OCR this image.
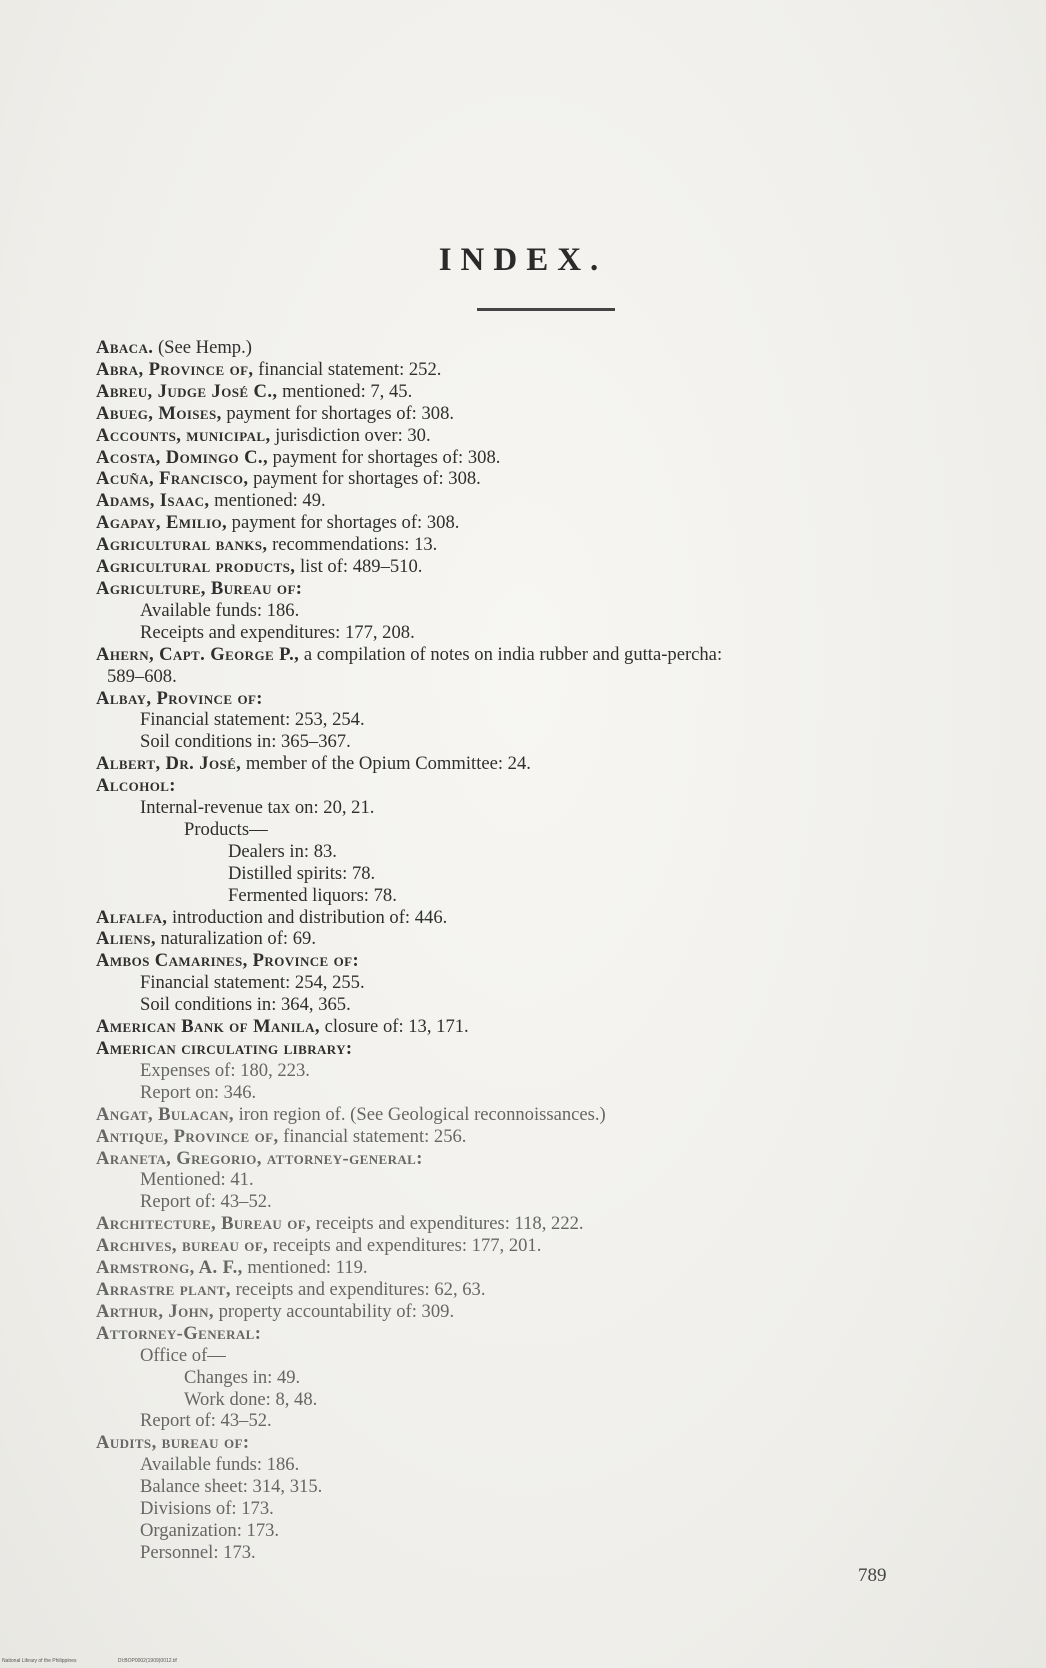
INDEX.
Abaca. (See Hemp.)
Abra, Province of, financial statement: 252.
Abreu, Judge José C., mentioned: 7, 45.
Abueg, Moises, payment for shortages of: 308.
Accounts, municipal, jurisdiction over: 30.
Acosta, Domingo C., payment for shortages of: 308.
Acuña, Francisco, payment for shortages of: 308.
Adams, Isaac, mentioned: 49.
Agapay, Emilio, payment for shortages of: 308.
Agricultural banks, recommendations: 13.
Agricultural products, list of: 489–510.
Agriculture, Bureau of:
Available funds: 186.
Receipts and expenditures: 177, 208.
Ahern, Capt. George P., a compilation of notes on india rubber and gutta-percha:
589–608.
Albay, Province of:
Financial statement: 253, 254.
Soil conditions in: 365–367.
Albert, Dr. José, member of the Opium Committee: 24.
Alcohol:
Internal-revenue tax on: 20, 21.
Products—
Dealers in: 83.
Distilled spirits: 78.
Fermented liquors: 78.
Alfalfa, introduction and distribution of: 446.
Aliens, naturalization of: 69.
Ambos Camarines, Province of:
Financial statement: 254, 255.
Soil conditions in: 364, 365.
American Bank of Manila, closure of: 13, 171.
American circulating library:
Expenses of: 180, 223.
Report on: 346.
Angat, Bulacan, iron region of. (See Geological reconnoissances.)
Antique, Province of, financial statement: 256.
Araneta, Gregorio, attorney-general:
Mentioned: 41.
Report of: 43–52.
Architecture, Bureau of, receipts and expenditures: 118, 222.
Archives, bureau of, receipts and expenditures: 177, 201.
Armstrong, A. F., mentioned: 119.
Arrastre plant, receipts and expenditures: 62, 63.
Arthur, John, property accountability of: 309.
Attorney-General:
Office of—
Changes in: 49.
Work done: 8, 48.
Report of: 43–52.
Audits, bureau of:
Available funds: 186.
Balance sheet: 314, 315.
Divisions of: 173.
Organization: 173.
Personnel: 173.
789
National Library of the Philippines	DI:BOP0002(1909)0012.tif
